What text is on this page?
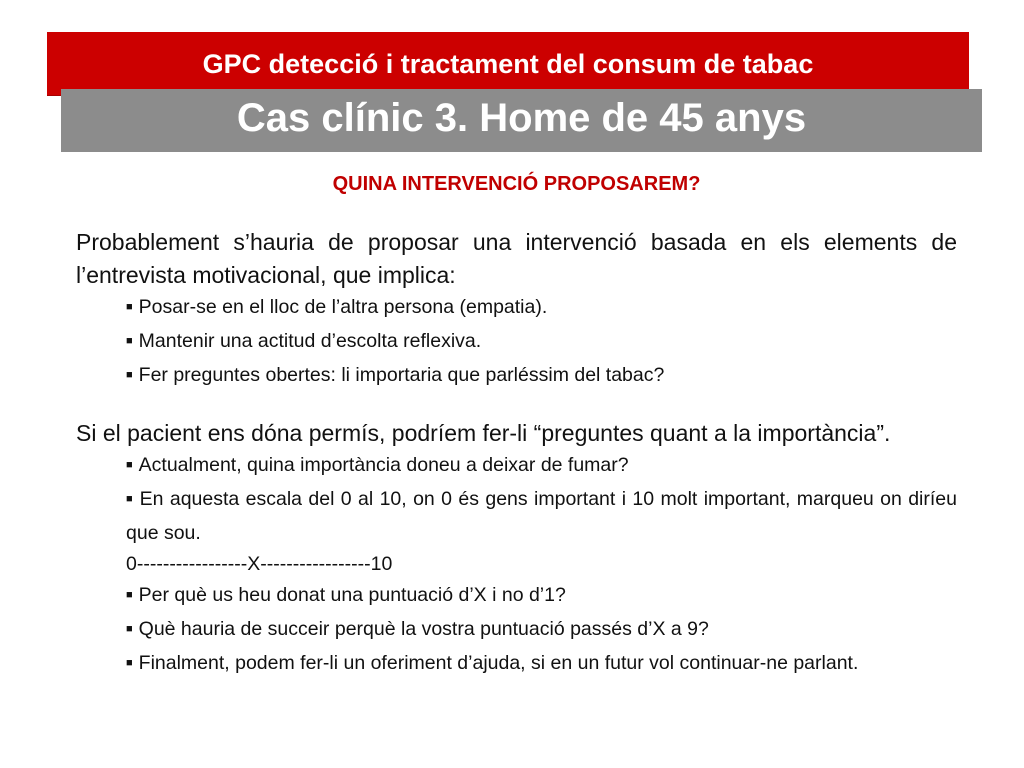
GPC detecció i tractament del consum de tabac
Cas clínic 3. Home de 45 anys
QUINA INTERVENCIÓ PROPOSAREM?

Probablement s’hauria de proposar una intervenció basada en els elements de l’entrevista motivacional, que implica:

■ Posar-se en el lloc de l’altra persona (empatia).
■ Mantenir una actitud d’escolta reflexiva.
■ Fer preguntes obertes: li importaria que parléssim del tabac?

Si el pacient ens dóna permís, podríem fer-li “preguntes quant a la importància”.

■ Actualment, quina importància doneu a deixar de fumar?
■ En aquesta escala del 0 al 10, on 0 és gens important i 10 molt important, marqueu on diríeu que sou.
0-----------------X-----------------10
■ Per què us heu donat una puntuació d’X i no d’1?
■ Què hauria de succeir perquè la vostra puntuació passés d’X a 9?
■ Finalment, podem fer-li un oferiment d’ajuda, si en un futur vol continuar-ne parlant.
